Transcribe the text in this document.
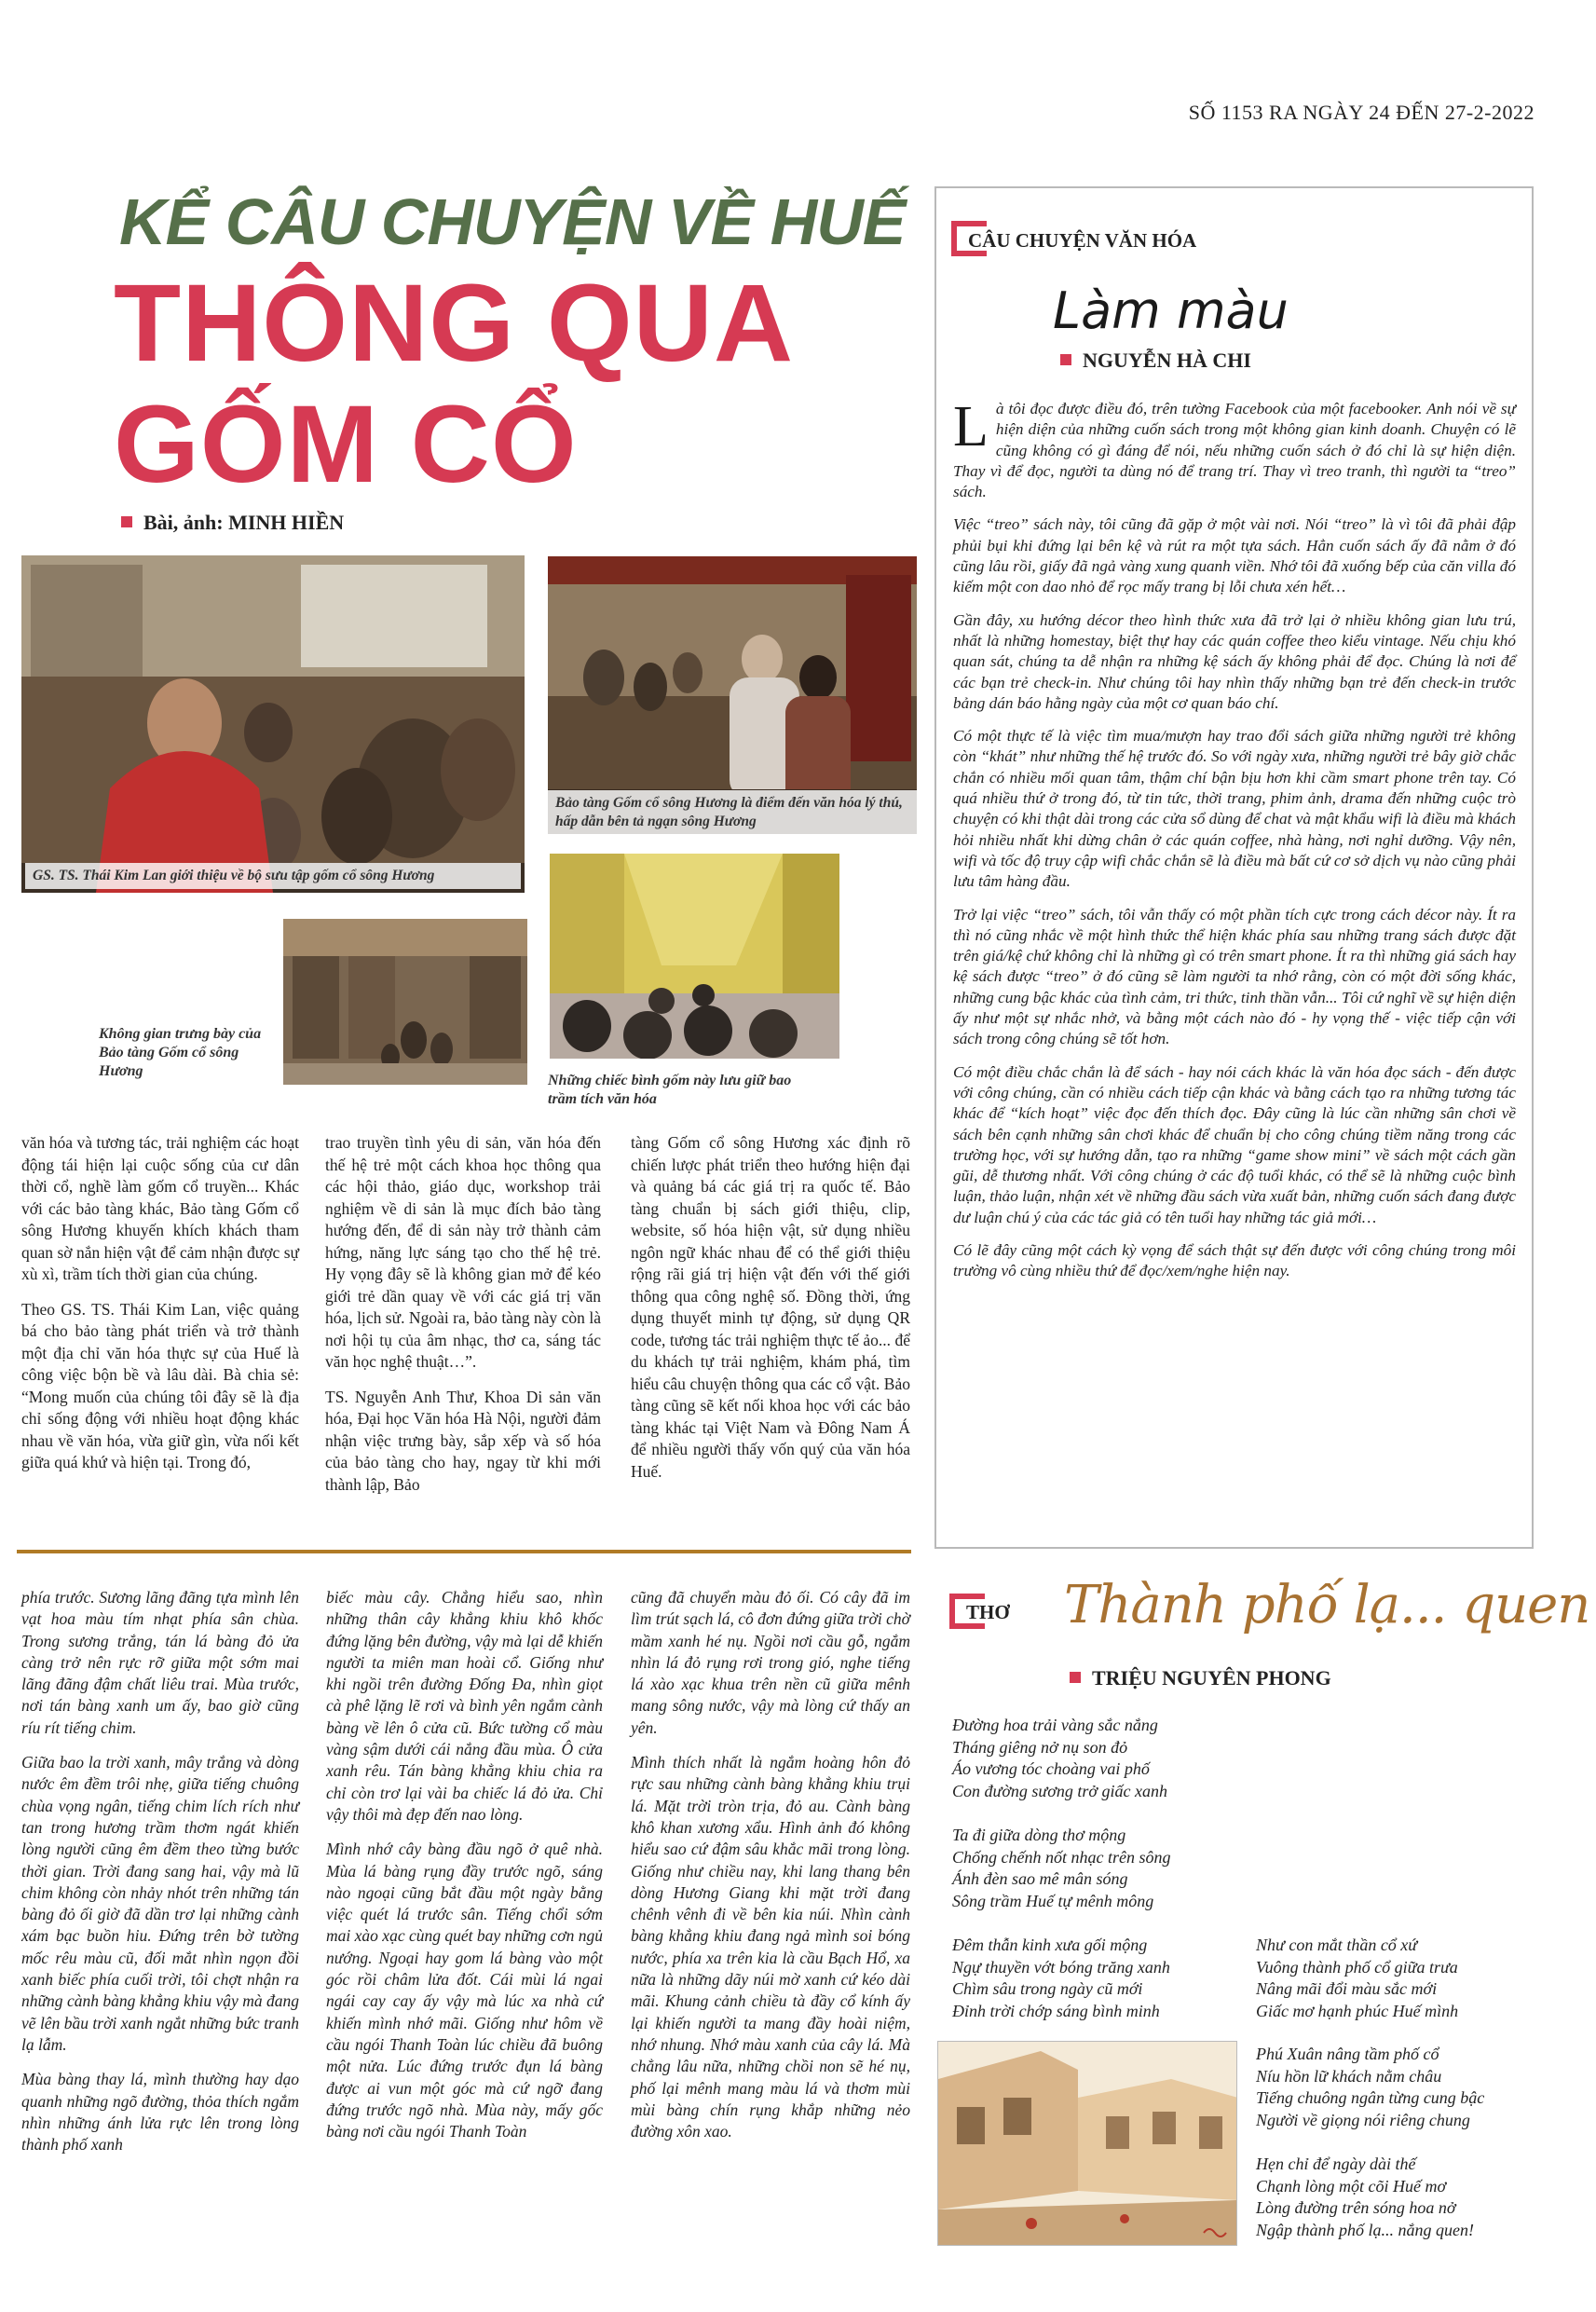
SỐ 1153 RA NGÀY 24 ĐẾN 27-2-2022
KỂ CÂU CHUYỆN VỀ HUẾ
THÔNG QUA
GỐM CỔ
Bài, ảnh: MINH HIỀN
GS. TS. Thái Kim Lan giới thiệu về bộ sưu tập gốm cổ sông Hương
Bảo tàng Gốm cổ sông Hương là điểm đến văn hóa lý thú, hấp dẫn bên tả ngạn sông Hương
Không gian trưng bày của Bảo tàng Gốm cổ sông Hương
Những chiếc bình gốm này lưu giữ bao trầm tích văn hóa

văn hóa và tương tác, trải nghiệm các hoạt động tái hiện lại cuộc sống của cư dân thời cổ, nghề làm gốm cổ truyền... Khác với các bảo tàng khác, Bảo tàng Gốm cổ sông Hương khuyến khích khách tham quan sờ nắn hiện vật để cảm nhận được sự xù xì, trầm tích thời gian của chúng.

Theo GS. TS. Thái Kim Lan, việc quảng bá cho bảo tàng phát triển và trở thành một địa chỉ văn hóa thực sự của Huế là công việc bộn bề và lâu dài. Bà chia sẻ: “Mong muốn của chúng tôi đây sẽ là địa chỉ sống động với nhiều hoạt động khác nhau về văn hóa, vừa giữ gìn, vừa nối kết giữa quá khứ và hiện tại. Trong đó,

trao truyền tình yêu di sản, văn hóa đến thế hệ trẻ một cách khoa học thông qua các hội thảo, giáo dục, workshop trải nghiệm về di sản là mục đích bảo tàng hướng đến, để di sản này trở thành cảm hứng, năng lực sáng tạo cho thế hệ trẻ. Hy vọng đây sẽ là không gian mở để kéo giới trẻ dần quay về với các giá trị văn hóa, lịch sử. Ngoài ra, bảo tàng này còn là nơi hội tụ của âm nhạc, thơ ca, sáng tác văn học nghệ thuật…”.

TS. Nguyễn Anh Thư, Khoa Di sản văn hóa, Đại học Văn hóa Hà Nội, người đảm nhận việc trưng bày, sắp xếp và số hóa của bảo tàng cho hay, ngay từ khi mới thành lập, Bảo

tàng Gốm cổ sông Hương xác định rõ chiến lược phát triển theo hướng hiện đại và quảng bá các giá trị ra quốc tế. Bảo tàng chuẩn bị sách giới thiệu, clip, website, số hóa hiện vật, sử dụng nhiều ngôn ngữ khác nhau để có thể giới thiệu rộng rãi giá trị hiện vật đến với thế giới thông qua công nghệ số. Đồng thời, ứng dụng thuyết minh tự động, sử dụng QR code, tương tác trải nghiệm thực tế ảo... để du khách tự trải nghiệm, khám phá, tìm hiểu câu chuyện thông qua các cổ vật. Bảo tàng cũng sẽ kết nối khoa học với các bảo tàng khác tại Việt Nam và Đông Nam Á để nhiều người thấy vốn quý của văn hóa Huế.

CÂU CHUYỆN VĂN HÓA
Làm màu
NGUYỄN HÀ CHI

Là tôi đọc được điều đó, trên tường Facebook của một facebooker. Anh nói về sự hiện diện của những cuốn sách trong một không gian kinh doanh. Chuyện có lẽ cũng không có gì đáng để nói, nếu những cuốn sách ở đó chỉ là sự hiện diện. Thay vì để đọc, người ta dùng nó để trang trí. Thay vì treo tranh, thì người ta “treo” sách.

Việc “treo” sách này, tôi cũng đã gặp ở một vài nơi. Nói “treo” là vì tôi đã phải đập phủi bụi khi đứng lại bên kệ và rút ra một tựa sách. Hẳn cuốn sách ấy đã nằm ở đó cũng lâu rồi, giấy đã ngả vàng xung quanh viền. Nhớ tôi đã xuống bếp của căn villa đó kiếm một con dao nhỏ để rọc mấy trang bị lỗi chưa xén hết…

Gần đây, xu hướng décor theo hình thức xưa đã trở lại ở nhiều không gian lưu trú, nhất là những homestay, biệt thự hay các quán coffee theo kiểu vintage. Nếu chịu khó quan sát, chúng ta dễ nhận ra những kệ sách ấy không phải để đọc. Chúng là nơi để các bạn trẻ check-in. Như chúng tôi hay nhìn thấy những bạn trẻ đến check-in trước bảng dán báo hằng ngày của một cơ quan báo chí.

Có một thực tế là việc tìm mua/mượn hay trao đổi sách giữa những người trẻ không còn “khát” như những thế hệ trước đó. So với ngày xưa, những người trẻ bây giờ chắc chắn có nhiều mối quan tâm, thậm chí bận bịu hơn khi cầm smart phone trên tay. Có quá nhiều thứ ở trong đó, từ tin tức, thời trang, phim ảnh, drama đến những cuộc trò chuyện có khi thật dài trong các cửa sổ dùng để chat và mật khẩu wifi là điều mà khách hỏi nhiều nhất khi dừng chân ở các quán coffee, nhà hàng, nơi nghỉ dưỡng. Vậy nên, wifi và tốc độ truy cập wifi chắc chắn sẽ là điều mà bất cứ cơ sở dịch vụ nào cũng phải lưu tâm hàng đầu.

Trở lại việc “treo” sách, tôi vẫn thấy có một phần tích cực trong cách décor này. Ít ra thì nó cũng nhắc về một hình thức thể hiện khác phía sau những trang sách được đặt trên giá/kệ chứ không chỉ là những gì có trên smart phone. Ít ra thì những giá sách hay kệ sách được “treo” ở đó cũng sẽ làm người ta nhớ rằng, còn có một đời sống khác, những cung bậc khác của tình cảm, tri thức, tinh thần vẫn... Tôi cứ nghĩ về sự hiện diện ấy như một sự nhắc nhở, và bằng một cách nào đó - hy vọng thế - việc tiếp cận với sách trong công chúng sẽ tốt hơn.

Có một điều chắc chắn là để sách - hay nói cách khác là văn hóa đọc sách - đến được với công chúng, cần có nhiều cách tiếp cận khác và bằng cách tạo ra những tương tác khác để “kích hoạt” việc đọc đến thích đọc. Đây cũng là lúc cần những sân chơi về sách bên cạnh những sân chơi khác để chuẩn bị cho công chúng tiềm năng trong các trường học, với sự hướng dẫn, tạo ra những “game show mini” về sách một cách gần gũi, dễ thương nhất. Với công chúng ở các độ tuổi khác, có thể sẽ là những cuộc bình luận, thảo luận, nhận xét về những đầu sách vừa xuất bản, những cuốn sách đang được dư luận chú ý của các tác giả có tên tuổi hay những tác giả mới…

Có lẽ đây cũng một cách kỳ vọng để sách thật sự đến được với công chúng trong môi trường vô cùng nhiều thứ để đọc/xem/nghe hiện nay.

phía trước. Sương lãng đãng tựa mình lên vạt hoa màu tím nhạt phía sân chùa. Trong sương trắng, tán lá bàng đỏ ửa càng trở nên rực rỡ giữa một sớm mai lãng đãng đậm chất liêu trai. Mùa trước, nơi tán bàng xanh um ấy, bao giờ cũng ríu rít tiếng chim.

Giữa bao la trời xanh, mây trắng và dòng nước êm đềm trôi nhẹ, giữa tiếng chuông chùa vọng ngân, tiếng chim lích rích như tan trong hương trầm thơm ngát khiến lòng người cũng êm đềm theo từng bước thời gian. Trời đang sang hai, vậy mà lũ chim không còn nhảy nhót trên những tán bàng đỏ ối giờ đã dần trơ lại những cành xám bạc buồn hiu. Đứng trên bờ tường mốc rêu màu cũ, đối mắt nhìn ngọn đồi xanh biếc phía cuối trời, tôi chợt nhận ra những cành bàng khẳng khiu vậy mà đang vẽ lên bầu trời xanh ngắt những bức tranh lạ lẫm.

Mùa bàng thay lá, mình thường hay dạo quanh những ngõ đường, thỏa thích ngắm nhìn những ánh lửa rực lên trong lòng thành phố xanh

biếc màu cây. Chẳng hiểu sao, nhìn những thân cây khẳng khiu khô khốc đứng lặng bên đường, vậy mà lại dễ khiến người ta miên man hoài cổ. Giống như khi ngồi trên đường Đống Đa, nhìn giọt cà phê lặng lẽ rơi và bình yên ngắm cành bàng về lên ô cửa cũ. Bức tường cổ màu vàng sậm dưới cái nắng đầu mùa. Ô cửa xanh rêu. Tán bàng khẳng khiu chia ra chỉ còn trơ lại vài ba chiếc lá đỏ ửa. Chỉ vậy thôi mà đẹp đến nao lòng.

Mình nhớ cây bàng đầu ngõ ở quê nhà. Mùa lá bàng rụng đầy trước ngõ, sáng nào ngoại cũng bắt đầu một ngày bằng việc quét lá trước sân. Tiếng chổi sớm mai xào xạc cùng quét bay những cơn ngủ nướng. Ngoại hay gom lá bàng vào một góc rồi châm lửa đốt. Cái mùi lá ngai ngái cay cay ấy vậy mà lúc xa nhà cứ khiến mình nhớ mãi. Giống như hôm về cầu ngói Thanh Toàn lúc chiều đã buông một nửa. Lúc đứng trước đụn lá bàng được ai vun một góc mà cứ ngỡ đang đứng trước ngõ nhà. Mùa này, mấy gốc bàng nơi cầu ngói Thanh Toàn

cũng đã chuyển màu đỏ ối. Có cây đã im lìm trút sạch lá, cô đơn đứng giữa trời chờ mầm xanh hé nụ. Ngồi nơi cầu gỗ, ngắm nhìn lá đỏ rụng rơi trong gió, nghe tiếng lá xào xạc khua trên nền cũ giữa mênh mang sông nước, vậy mà lòng cứ thấy an yên.

Mình thích nhất là ngắm hoàng hôn đỏ rực sau những cành bàng khẳng khiu trụi lá. Mặt trời tròn trịa, đỏ au. Cành bàng khô khan xương xẩu. Hình ảnh đó không hiểu sao cứ đậm sâu khắc mãi trong lòng. Giống như chiều nay, khi lang thang bên dòng Hương Giang khi mặt trời đang chênh vênh đi về bên kia núi. Nhìn cành bàng khẳng khiu đang ngả mình soi bóng nước, phía xa trên kia là cầu Bạch Hổ, xa nữa là những dãy núi mờ xanh cứ kéo dài mãi. Khung cảnh chiều tà đầy cổ kính ấy lại khiến người ta mang đầy hoài niệm, nhớ nhung. Nhớ màu xanh của cây lá. Mà chẳng lâu nữa, những chồi non sẽ hé nụ, phố lại mênh mang màu lá và thơm mùi mùi bàng chín rụng khắp những nẻo đường xôn xao.

THƠ Thành phố lạ... quen
TRIỆU NGUYÊN PHONG
Đường hoa trải vàng sắc nắng
Tháng giêng nở nụ son đỏ
Áo vương tóc choàng vai phố
Con đường sương trở giấc xanh
Ta đi giữa dòng thơ mộng
Chống chếnh nốt nhạc trên sông
Ánh đèn sao mê mân sóng
Sông trầm Huế tự mênh mông
Đêm thẫn kinh xưa gối mộng
Ngự thuyền vớt bóng trăng xanh
Chìm sâu trong ngày cũ mới
Đỉnh trời chớp sáng bình minh
Như con mắt thần cổ xứ
Vuông thành phố cổ giữa trưa
Nâng mãi đổi màu sắc mới
Giấc mơ hạnh phúc Huế mình
Phú Xuân nâng tầm phố cổ
Níu hồn lữ khách nằm châu
Tiếng chuông ngân từng cung bậc
Người về giọng nói riêng chung
Hẹn chỉ để ngày dài thế
Chạnh lòng một cõi Huế mơ
Lòng đường trên sóng hoa nở
Ngập thành phố lạ... nắng quen!
